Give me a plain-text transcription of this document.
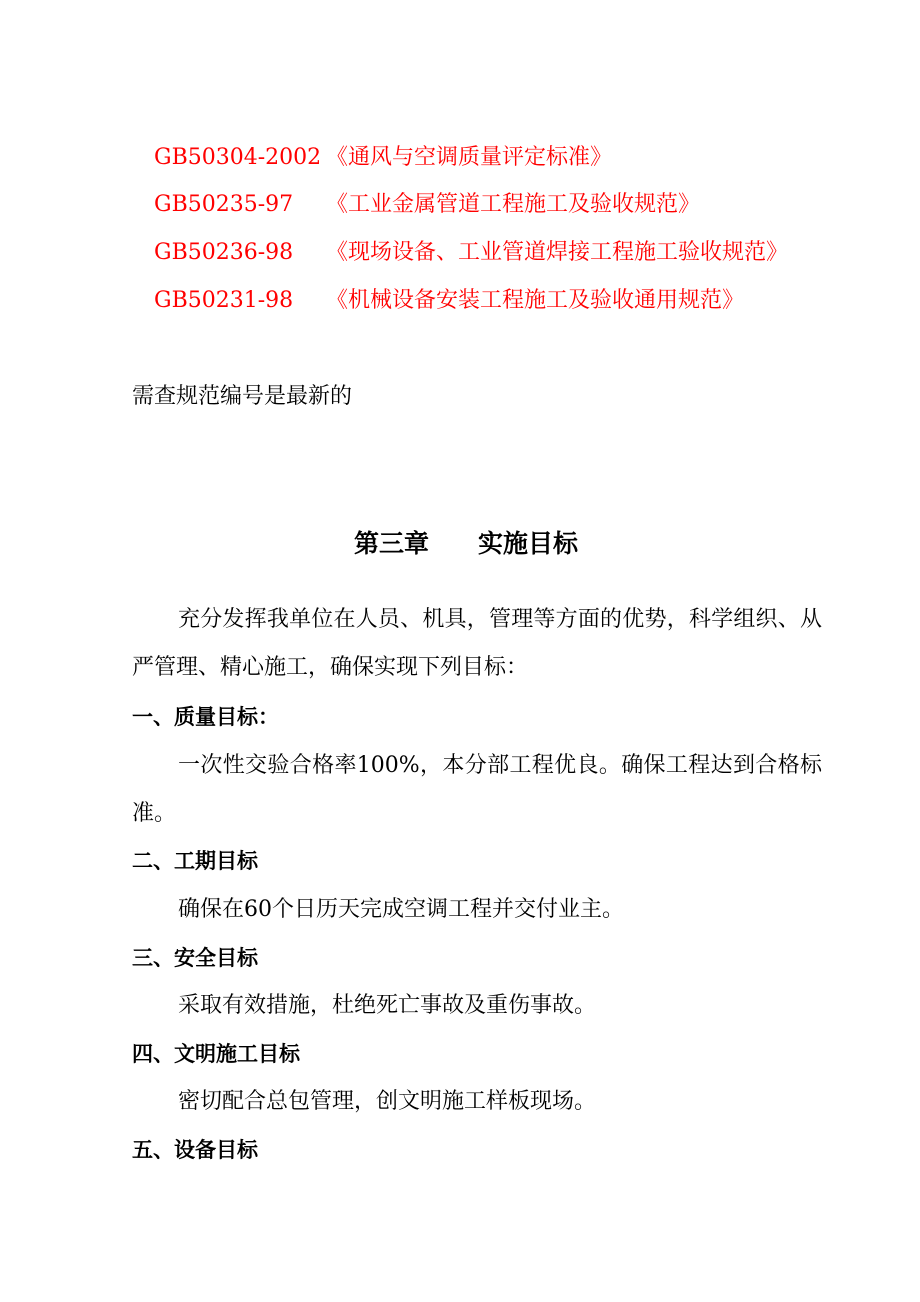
GB50304-2002 《通风与空调质量评定标准》
GB50235-97 《工业金属管道工程施工及验收规范》
GB50236-98 《现场设备、工业管道焊接工程施工验收规范》
GB50231-98 《机械设备安装工程施工及验收通用规范》
需查规范编号是最新的
第三章 实施目标

充分发挥我单位在人员、机具，管理等方面的优势，科学组织、从严管理、精心施工，确保实现下列目标：

一、质量目标：

一次性交验合格率100%，本分部工程优良。确保工程达到合格标准。

二、工期目标
确保在60个日历天完成空调工程并交付业主。
三、安全目标
采取有效措施，杜绝死亡事故及重伤事故。
四、文明施工目标
密切配合总包管理，创文明施工样板现场。
五、设备目标
